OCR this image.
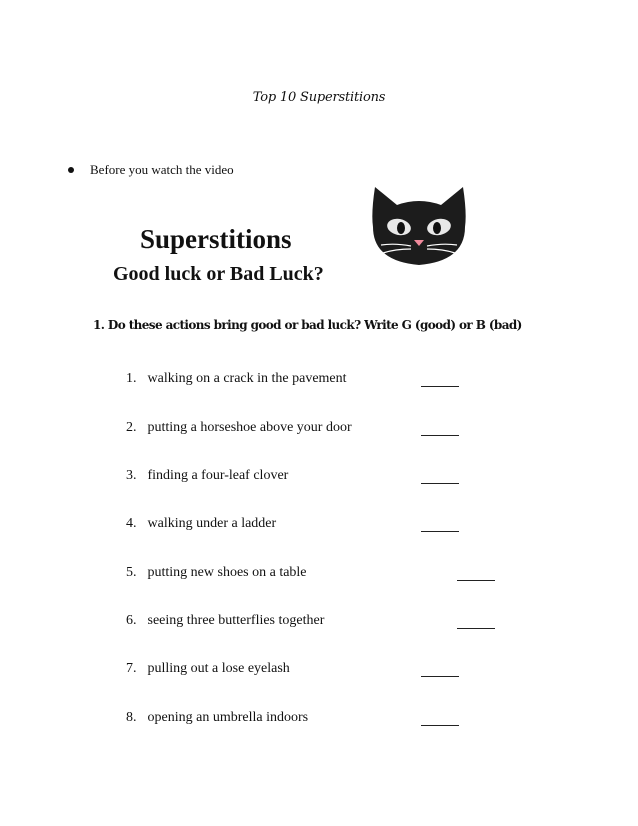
Top 10 Superstitions
Before you watch the video
Superstitions
Good luck or Bad Luck?
1. Do these actions bring good or bad luck? Write G (good) or B (bad)
1. walking on a crack in the pavement
2. putting a horseshoe above your door
3. finding a four-leaf clover
4. walking under a ladder
5. putting new shoes on a table
6. seeing three butterflies together
7. pulling out a lose eyelash
8. opening an umbrella indoors
